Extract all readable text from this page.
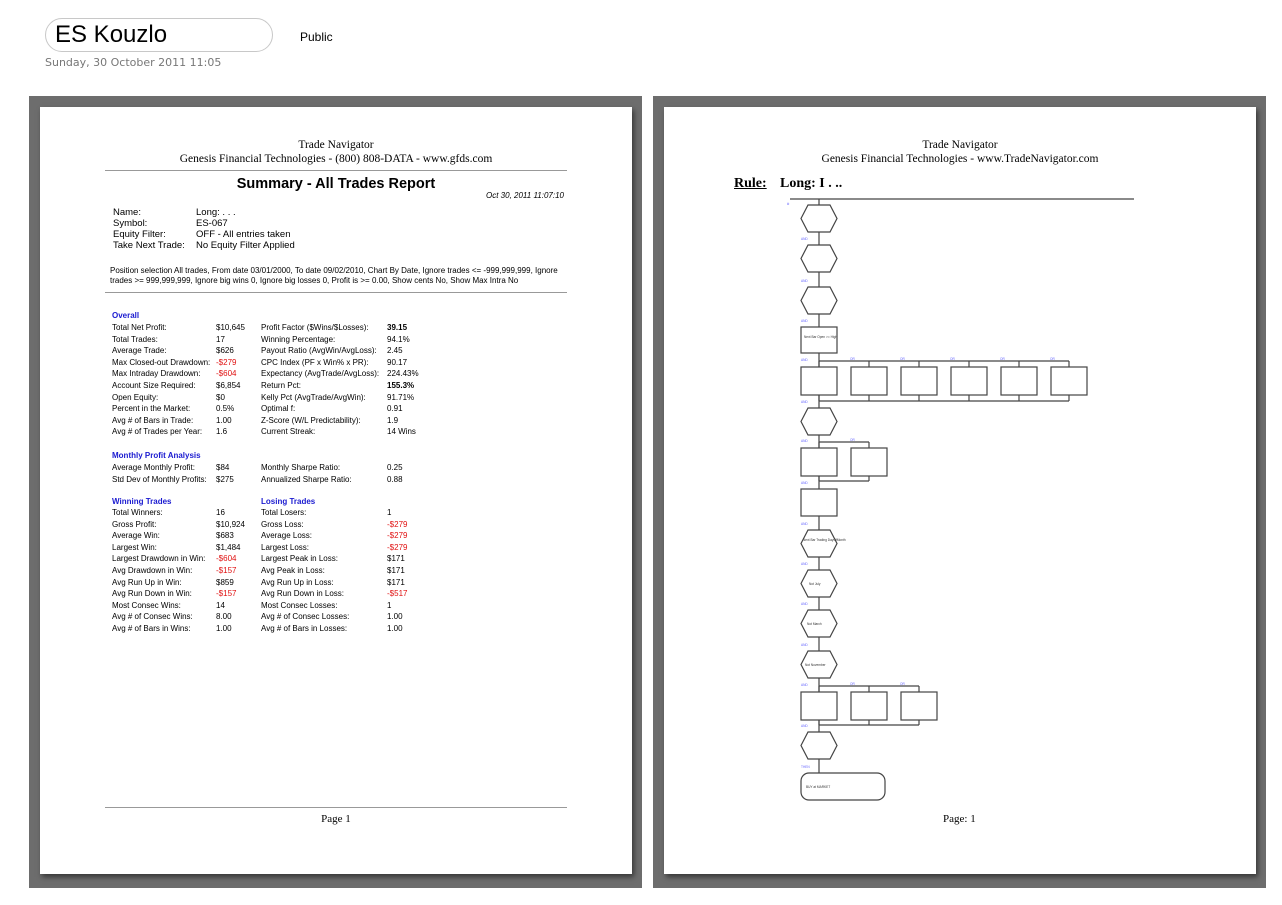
ES Kouzlo	Public
Sunday, 30 October 2011 11:05
Trade Navigator
Genesis Financial Technologies - (800) 808-DATA - www.gfds.com
Summary - All Trades Report
Oct 30, 2011 11:07:10
Position selection All trades, From date 03/01/2000, To date 09/02/2010, Chart By Date, Ignore trades <= -999,999,999, Ignore
trades >= 999,999,999, Ignore big wins 0, Ignore big losses 0, Profit is >= 0.00, Show cents No, Show Max Intra No
Overall
Monthly Profit Analysis
Winning Trades	Losing Trades
Page 1
Name:	Long: . . .
Symbol:	ES-067
Equity Filter:	OFF - All entries taken
Take Next Trade: No Equity Filter Applied
Total Net Profit:	$10,645 Profit Factor ($Wins/$Losses): 39.15
Total Trades:	17	Winning Percentage:	94.1%
Average Trade:	$626	Payout Ratio (AvgWin/AvgLoss): 2.45
Max Closed-out Drawdown: -$279	CPC Index (PF x Win% x PR): 90.17
Max Intraday Drawdown: -$604	Expectancy (AvgTrade/AvgLoss): 224.43%
Account Size Required:	$6,854	Return Pct:	155.3%
Open Equity:	$0	Kelly Pct (AvgTrade/AvgWin):	91.71%
Percent in the Market:	0.5%	Optimal f:	0.91
Avg # of Bars in Trade:	1.00	Z-Score (W/L Predictability):	1.9
Avg # of Trades per Year: 1.6	Current Streak:	14 Wins
Average Monthly Profit:	$84	Monthly Sharpe Ratio:	0.25
Std Dev of Monthly Profits: $275	Annualized Sharpe Ratio:	0.88
Total Winners:	16	Total Losers:	1
Gross Profit:	$10,924 Gross Loss:	-$279
Average Win:	$683	Average Loss:	-$279
Largest Win:	$1,484	Largest Loss:	-$279
Largest Drawdown in Win: -$604	Largest Peak in Loss:	$171
Avg Drawdown in Win:	-$157	Avg Peak in Loss:	$171
Avg Run Up in Win:	$859	Avg Run Up in Loss:	$171
Avg Run Down in Win:	-$157	Avg Run Down in Loss:	-$517
Most Consec Wins:	14	Most Consec Losses:	1
Avg # of Consec Wins:	8.00	Avg # of Consec Losses:	1.00
Avg # of Bars in Wins:	1.00	Avg # of Bars in Losses:	1.00
Trade Navigator
Genesis Financial Technologies - www.TradeNavigator.com
Rule: Long: I . ..
#
OR	OR	OR	OR	OR
OR
OR	OR
AND
AND
AND
AND
AND
AND
AND
AND
AND
AND
AND
AND
AND
THEN
Next Bar Open >= High
Next Bar Trading DayOfMonth
Not July
Not March
Not November
BUY at MARKET
Page: 1
